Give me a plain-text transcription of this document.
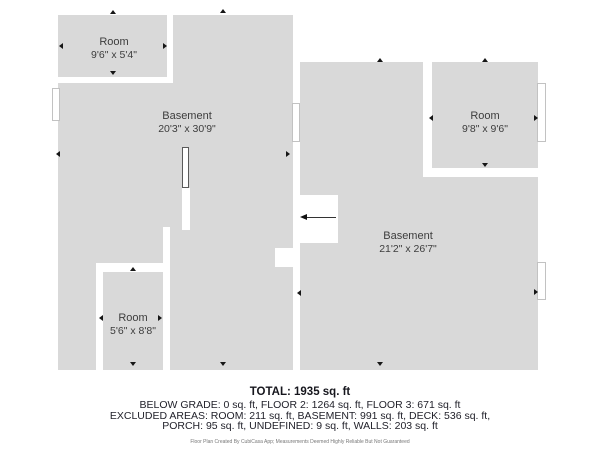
Room
9'6" x 5'4"
Basement
20'3" x 30'9"
Room
9'8" x 9'6"
Basement
21'2" x 26'7"
Room
5'6" x 8'8"
TOTAL: 1935 sq. ft
BELOW GRADE: 0 sq. ft, FLOOR 2: 1264 sq. ft, FLOOR 3: 671 sq. ft
EXCLUDED AREAS: ROOM: 211 sq. ft, BASEMENT: 991 sq. ft, DECK: 536 sq. ft,
PORCH: 95 sq. ft, UNDEFINED: 9 sq. ft, WALLS: 203 sq. ft
Floor Plan Created By CubiCasa App; Measurements Deemed Highly Reliable But Not Guaranteed
